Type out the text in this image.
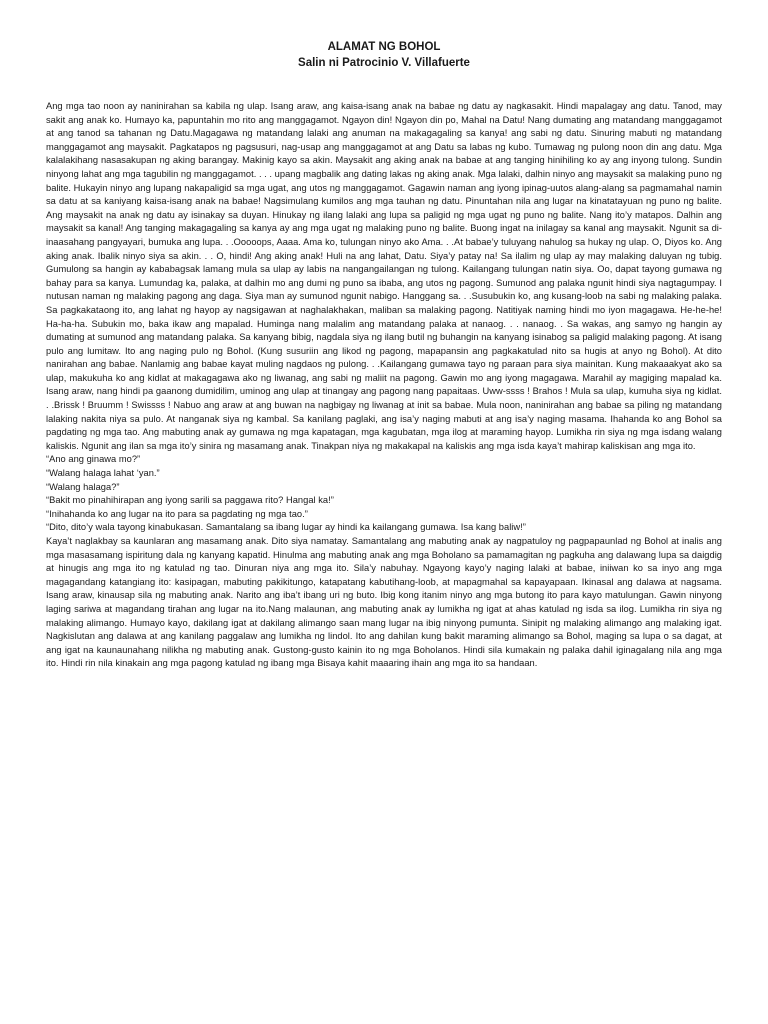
ALAMAT NG BOHOL

Salin ni Patrocinio V. Villafuerte

Ang mga tao noon ay naninirahan sa kabila ng ulap. Isang araw, ang kaisa-isang anak na babae ng datu ay nagkasakit. Hindi mapalagay ang datu. Tanod, may sakit ang anak ko. Humayo ka, papuntahin mo rito ang manggagamot. Ngayon din! Ngayon din po, Mahal na Datu! Nang dumating ang matandang manggagamot at ang tanod sa tahanan ng Datu.Magagawa ng matandang lalaki ang anuman na makagagaling sa kanya! ang sabi ng datu. Sinuring mabuti ng matandang manggagamot ang maysakit. Pagkatapos ng pagsusuri, nag-usap ang manggagamot at ang Datu sa labas ng kubo. Tumawag ng pulong noon din ang datu. Mga kalalakihang nasasakupan ng aking barangay. Makinig kayo sa akin. Maysakit ang aking anak na babae at ang tanging hinihiling ko ay ang inyong tulong. Sundin ninyong lahat ang mga tagubilin ng manggagamot. . . . upang magbalik ang dating lakas ng aking anak. Mga lalaki, dalhin ninyo ang maysakit sa malaking puno ng balite. Hukayin ninyo ang lupang nakapaligid sa mga ugat, ang utos ng manggagamot. Gagawin naman ang iyong ipinag-uutos alang-alang sa pagmamahal namin sa datu at sa kaniyang kaisa-isang anak na babae! Nagsimulang kumilos ang mga tauhan ng datu. Pinuntahan nila ang lugar na kinatatayuan ng puno ng balite. Ang maysakit na anak ng datu ay isinakay sa duyan. Hinukay ng ilang lalaki ang lupa sa paligid ng mga ugat ng puno ng balite. Nang ito’y matapos. Dalhin ang maysakit sa kanal! Ang tanging makagagaling sa kanya ay ang mga ugat ng malaking puno ng balite. Buong ingat na inilagay sa kanal ang maysakit. Ngunit sa di-inaasahang pangyayari, bumuka ang lupa. . .Ooooops, Aaaa. Ama ko, tulungan ninyo ako Ama. . .At babae’y tuluyang nahulog sa hukay ng ulap. O, Diyos ko. Ang aking anak. Ibalik ninyo siya sa akin. . . O, hindi! Ang aking anak! Huli na ang lahat, Datu. Siya’y patay na! Sa ilalim ng ulap ay may malaking daluyan ng tubig. Gumulong sa hangin ay kababagsak lamang mula sa ulap ay labis na nangangailangan ng tulong. Kailangang tulungan natin siya. Oo, dapat tayong gumawa ng bahay para sa kanya. Lumundag ka, palaka, at dalhin mo ang dumi ng puno sa ibaba, ang utos ng pagong. Sumunod ang palaka ngunit hindi siya nagtagumpay. I nutusan naman ng malaking pagong ang daga. Siya man ay sumunod ngunit nabigo. Hanggang sa. . .Susubukin ko, ang kusang-loob na sabi ng malaking palaka. Sa pagkakataong ito, ang lahat ng hayop ay nagsigawan at naghalakhakan, maliban sa malaking pagong. Natitiyak naming hindi mo iyon magagawa. He-he-he! Ha-ha-ha. Subukin mo, baka ikaw ang mapalad. Huminga nang malalim ang matandang palaka at nanaog. . . nanaog. . Sa wakas, ang samyo ng hangin ay dumating at sumunod ang matandang palaka. Sa kanyang bibig, nagdala siya ng ilang butil ng buhangin na kanyang isinabog sa paligid malaking pagong. At isang pulo ang lumitaw. Ito ang naging pulo ng Bohol. (Kung susuriin ang likod ng pagong, mapapansin ang pagkakatulad nito sa hugis at anyo ng Bohol). At dito nanirahan ang babae. Nanlamig ang babae kayat muling nagdaos ng pulong. . .Kailangang gumawa tayo ng paraan para siya mainitan. Kung makaaakyat ako sa ulap, makukuha ko ang kidlat at makagagawa ako ng liwanag, ang sabi ng maliit na pagong. Gawin mo ang iyong magagawa. Marahil ay magiging mapalad ka. Isang araw, nang hindi pa gaanong dumidilim, uminog ang ulap at tinangay ang pagong nang papaitaas. Uww-ssss ! Brahos ! Mula sa ulap, kumuha siya ng kidlat. . .Brissk ! Bruumm ! Swissss ! Nabuo ang araw at ang buwan na nagbigay ng liwanag at init sa babae. Mula noon, naninirahan ang babae sa piling ng matandang lalaking nakita niya sa pulo. At nanganak siya ng kambal. Sa kanilang paglaki, ang isa’y naging mabuti at ang isa’y naging masama. Ihahanda ko ang Bohol sa pagdating ng mga tao. Ang mabuting anak ay gumawa ng mga kapatagan, mga kagubatan, mga ilog at maraming hayop. Lumikha rin siya ng mga isdang walang kaliskis. Ngunit ang ilan sa mga ito’y sinira ng masamang anak. Tinakpan niya ng makakapal na kaliskis ang mga isda kaya’t mahirap kaliskisan ang mga ito.

“Ano ang ginawa mo?”

“Walang halaga lahat ‘yan.”

“Walang halaga?”

“Bakit mo pinahihirapan ang iyong sarili sa paggawa rito? Hangal ka!”

“Inihahanda ko ang lugar na ito para sa pagdating ng mga tao.”

“Dito, dito’y wala tayong kinabukasan. Samantalang sa ibang lugar ay hindi ka kailangang gumawa. Isa kang baliw!”

Kaya’t naglakbay sa kaunlaran ang masamang anak. Dito siya namatay. Samantalang ang mabuting anak ay nagpatuloy ng pagpapaunlad ng Bohol at inalis ang mga masasamang ispiritung dala ng kanyang kapatid. Hinulma ang mabuting anak ang mga Boholano sa pamamagitan ng pagkuha ang dalawang lupa sa daigdig at hinugis ang mga ito ng katulad ng tao. Dinuran niya ang mga ito. Sila’y nabuhay. Ngayong kayo’y naging lalaki at babae, iniiwan ko sa inyo ang mga magagandang katangiang ito: kasipagan, mabuting pakikitungo, katapatang kabutihang-loob, at mapagmahal sa kapayapaan. Ikinasal ang dalawa at nagsama. Isang araw, kinausap sila ng mabuting anak. Narito ang iba’t ibang uri ng buto. Ibig kong itanim ninyo ang mga butong ito para kayo matulungan. Gawin ninyong laging sariwa at magandang tirahan ang lugar na ito.Nang malaunan, ang mabuting anak ay lumikha ng igat at ahas katulad ng isda sa ilog. Lumikha rin siya ng malaking alimango. Humayo kayo, dakilang igat at dakilang alimango saan mang lugar na ibig ninyong pumunta. Sinipit ng malaking alimango ang malaking igat. Nagkislutan ang dalawa at ang kanilang paggalaw ang lumikha ng lindol. Ito ang dahilan kung bakit maraming alimango sa Bohol, maging sa lupa o sa dagat, at ang igat na kaunaunahang nilikha ng mabuting anak. Gustong-gusto kainin ito ng mga Boholanos. Hindi sila kumakain ng palaka dahil iginagalang nila ang mga ito. Hindi rin nila kinakain ang mga pagong katulad ng ibang mga Bisaya kahit maaaring ihain ang mga ito sa handaan.
